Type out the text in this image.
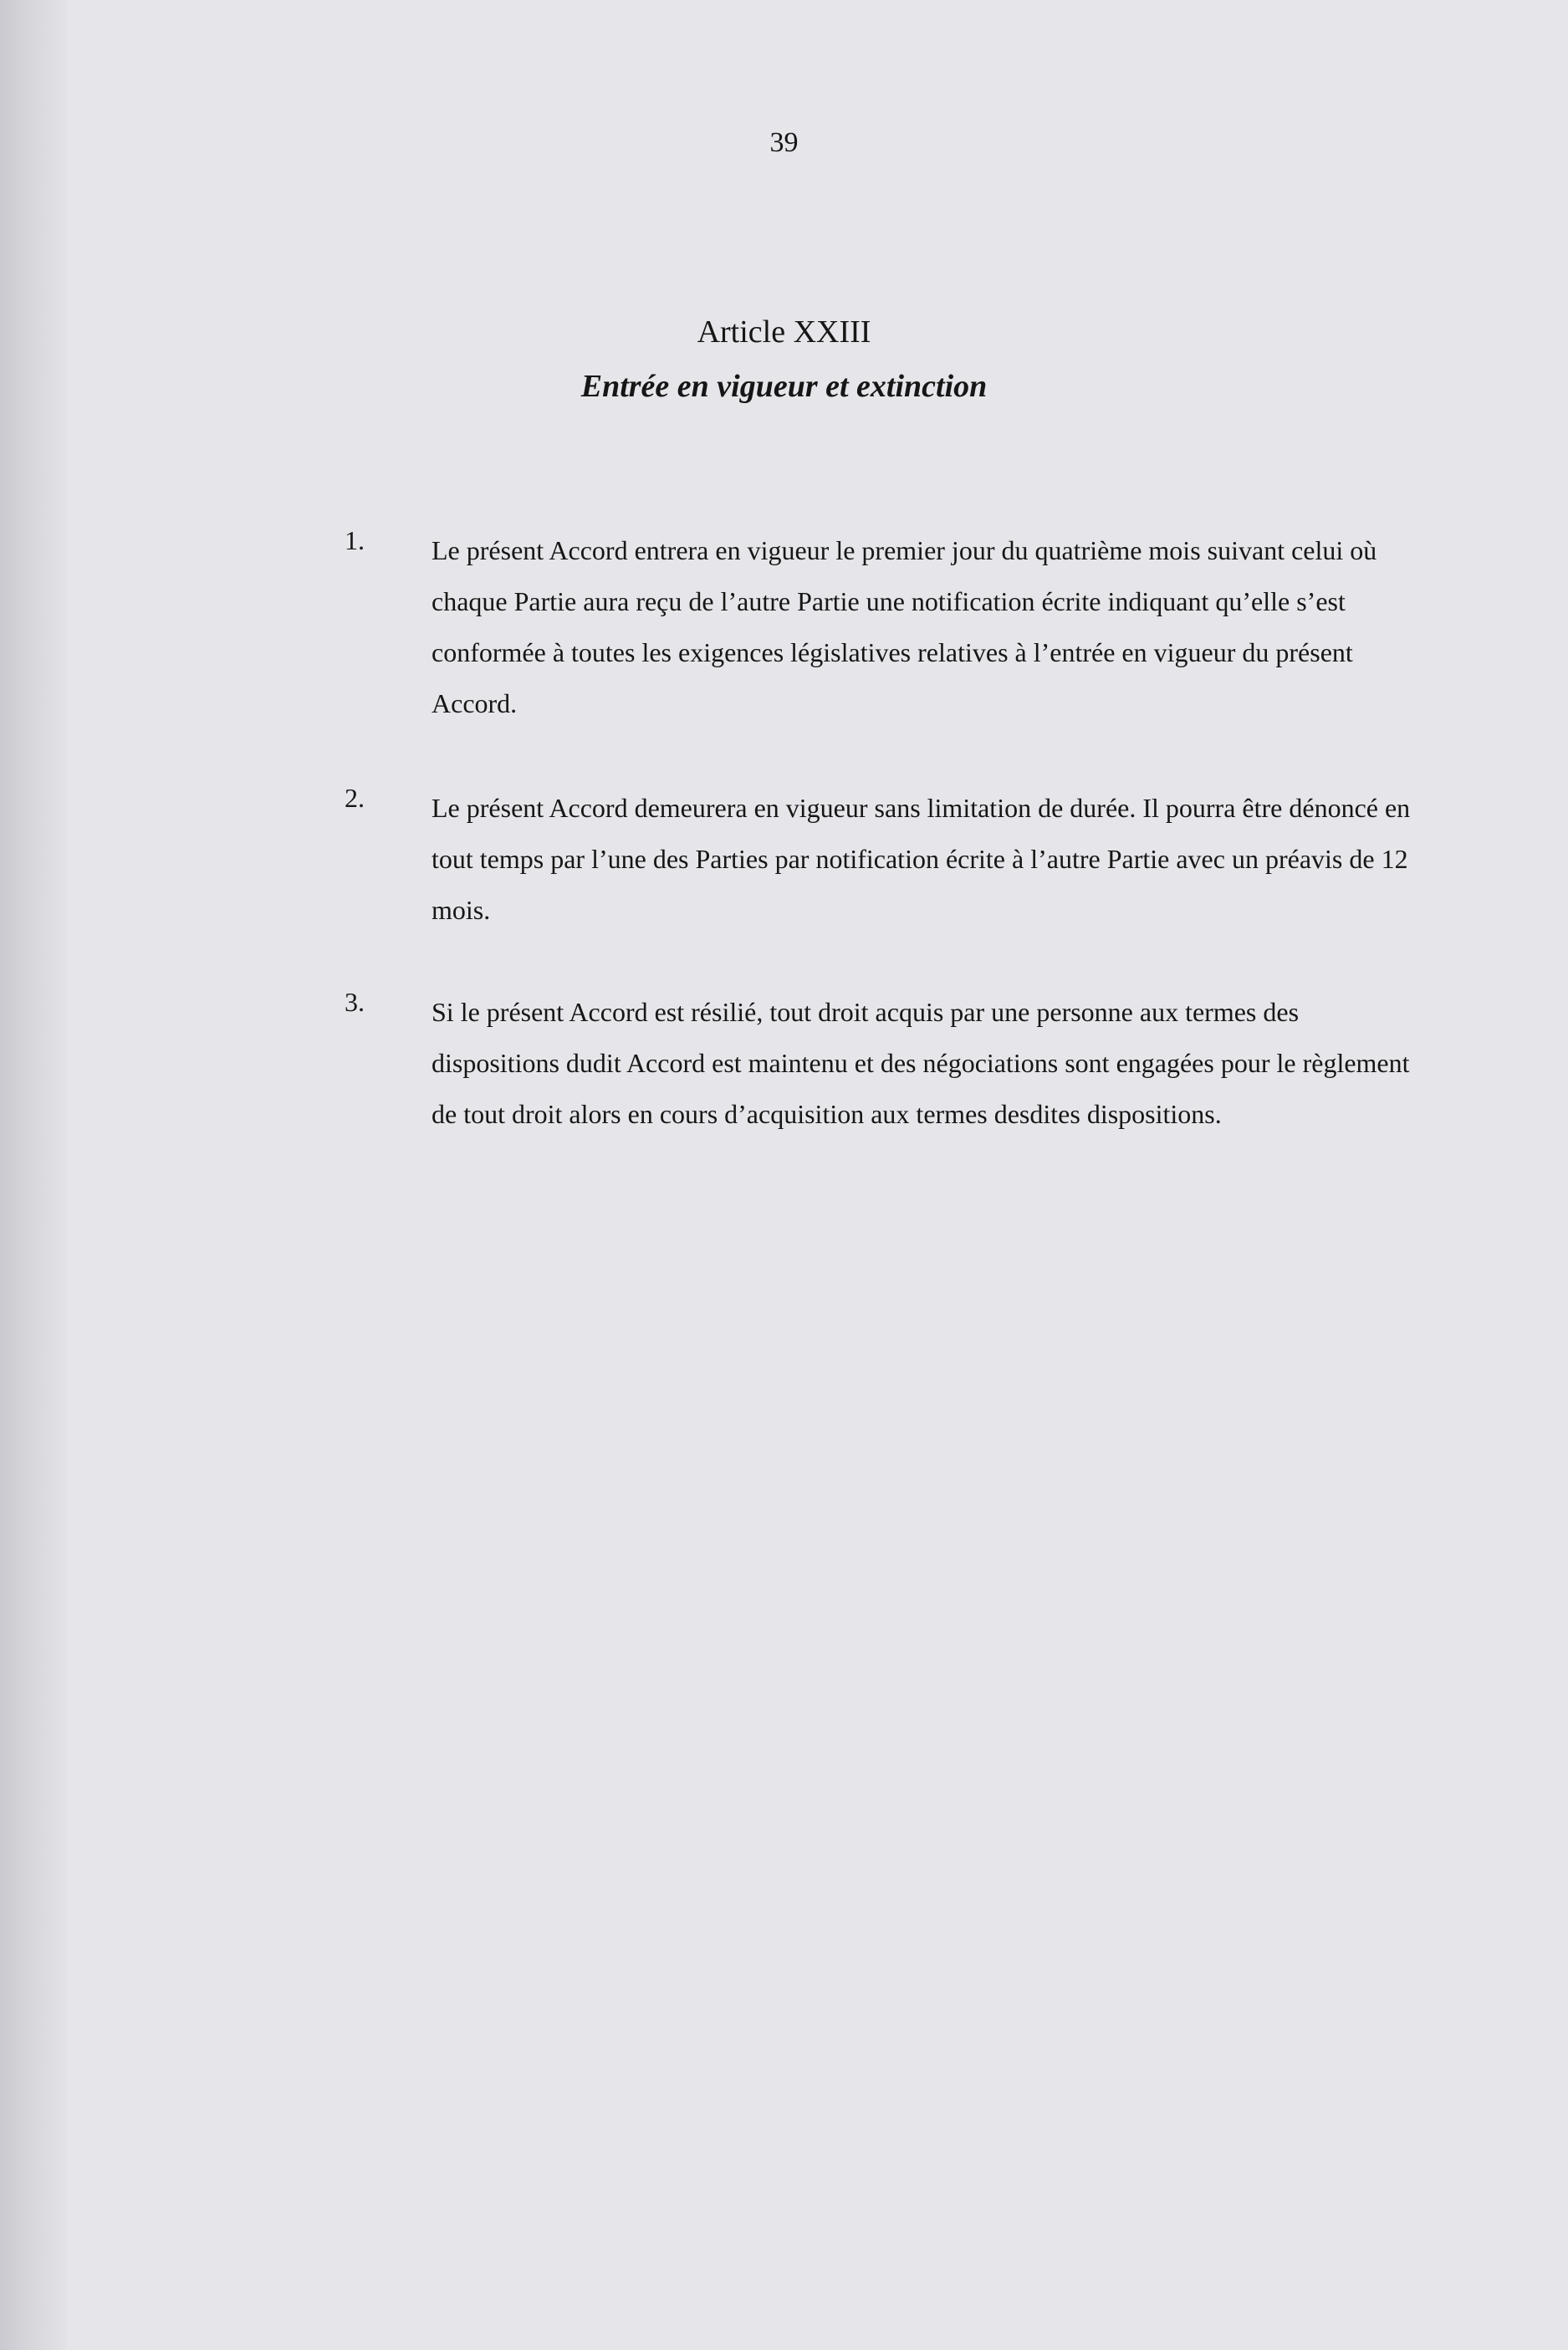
39
Article XXIII
Entrée en vigueur et extinction
1.	Le présent Accord entrera en vigueur le premier jour du quatrième mois suivant celui où chaque Partie aura reçu de l’autre Partie une notification écrite indiquant qu’elle s’est conformée à toutes les exigences législatives relatives à l’entrée en vigueur du présent Accord.
2.	Le présent Accord demeurera en vigueur sans limitation de durée. Il pourra être dénoncé en tout temps par l’une des Parties par notification écrite à l’autre Partie avec un préavis de 12 mois.
3.	Si le présent Accord est résilié, tout droit acquis par une personne aux termes des dispositions dudit Accord est maintenu et des négociations sont engagées pour le règlement de tout droit alors en cours d’acquisition aux termes desdites dispositions.
